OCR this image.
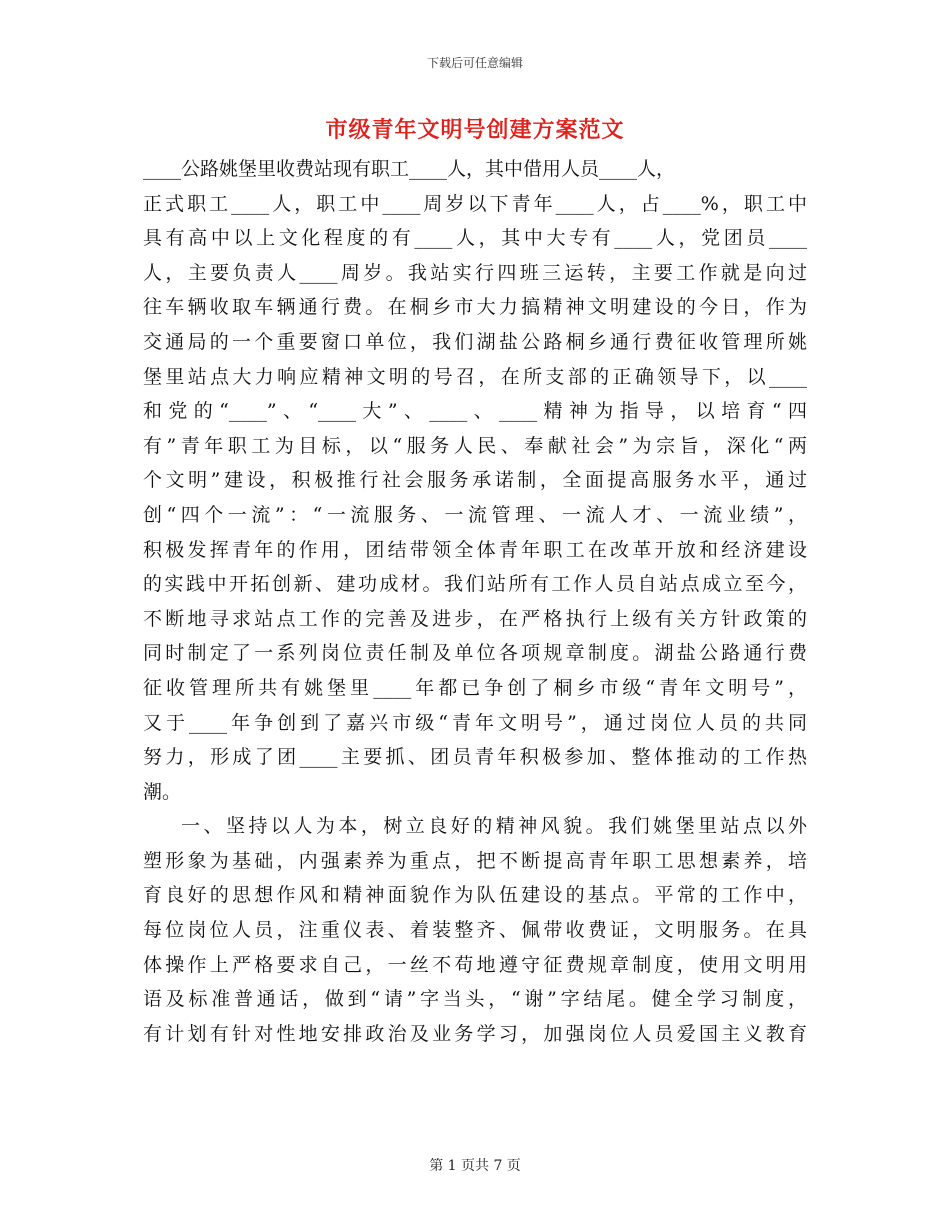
下载后可任意编辑
市级青年文明号创建方案范文
____公路姚堡里收费站现有职工____人，其中借用人员____人，
正式职工____人，职工中____周岁以下青年____人，占____%，职工中
具有高中以上文化程度的有____人，其中大专有____人，党团员____
人，主要负责人____周岁。我站实行四班三运转，主要工作就是向过
往车辆收取车辆通行费。在桐乡市大力搞精神文明建设的今日，作为
交通局的一个重要窗口单位，我们湖盐公路桐乡通行费征收管理所姚
堡里站点大力响应精神文明的号召，在所支部的正确领导下，以____
和党的“____”、“____大”、____、____精神为指导，以培育“四
有”青年职工为目标，以“服务人民、奉献社会”为宗旨，深化“两
个文明”建设，积极推行社会服务承诺制，全面提高服务水平，通过
创“四个一流”：“一流服务、一流管理、一流人才、一流业绩”，
积极发挥青年的作用，团结带领全体青年职工在改革开放和经济建设
的实践中开拓创新、建功成材。我们站所有工作人员自站点成立至今，
不断地寻求站点工作的完善及进步，在严格执行上级有关方针政策的
同时制定了一系列岗位责任制及单位各项规章制度。湖盐公路通行费
征收管理所共有姚堡里____年都已争创了桐乡市级“青年文明号”，
又于____年争创到了嘉兴市级“青年文明号”，通过岗位人员的共同
努力，形成了团____主要抓、团员青年积极参加、整体推动的工作热
潮。
一、坚持以人为本，树立良好的精神风貌。我们姚堡里站点以外
塑形象为基础，内强素养为重点，把不断提高青年职工思想素养，培
育良好的思想作风和精神面貌作为队伍建设的基点。平常的工作中，
每位岗位人员，注重仪表、着装整齐、佩带收费证，文明服务。在具
体操作上严格要求自己，一丝不苟地遵守征费规章制度，使用文明用
语及标准普通话，做到“请”字当头，“谢”字结尾。健全学习制度，
有计划有针对性地安排政治及业务学习，加强岗位人员爱国主义教育
第 1 页共 7 页
